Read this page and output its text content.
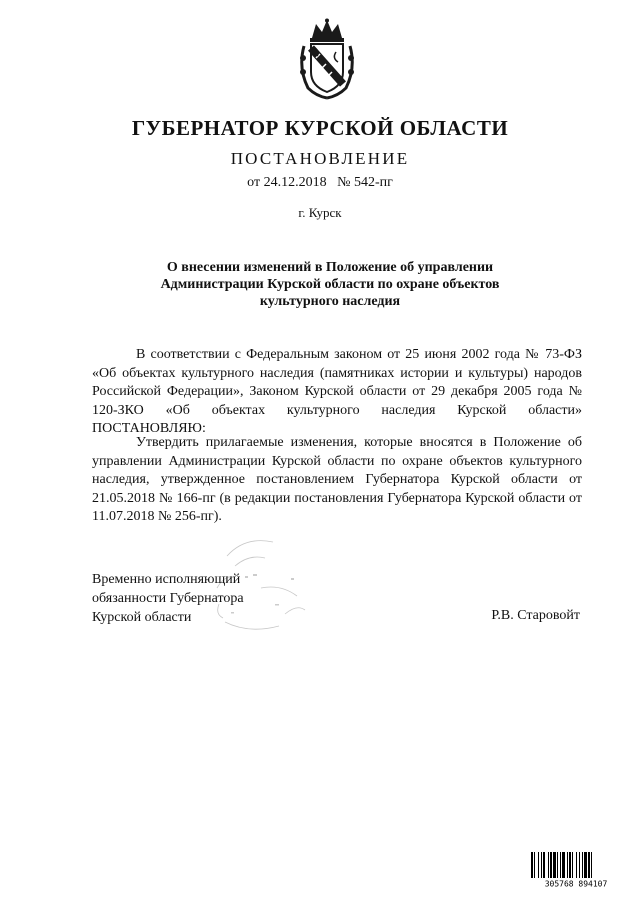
ГУБЕРНАТОР КУРСКОЙ ОБЛАСТИ
ПОСТАНОВЛЕНИЕ
от 24.12.2018   № 542-пг
г. Курск
О внесении изменений в Положение об управлении
Администрации Курской области по охране объектов
культурного наследия

В соответствии с Федеральным законом от 25 июня 2002 года № 73-ФЗ «Об объектах культурного наследия (памятниках истории и культуры) народов Российской Федерации», Законом Курской области от 29 декабря 2005 года № 120-ЗКО «Об объектах культурного наследия Курской области» ПОСТАНОВЛЯЮ:

Утвердить прилагаемые изменения, которые вносятся в Положение об управлении Администрации Курской области по охране объектов культурного наследия, утвержденное постановлением Губернатора Курской области от 21.05.2018 № 166-пг (в редакции постановления Губернатора Курской области от 11.07.2018 № 256-пг).

Временно исполняющий
обязанности Губернатора
Курской области	Р.В. Старовойт
305768 894107
